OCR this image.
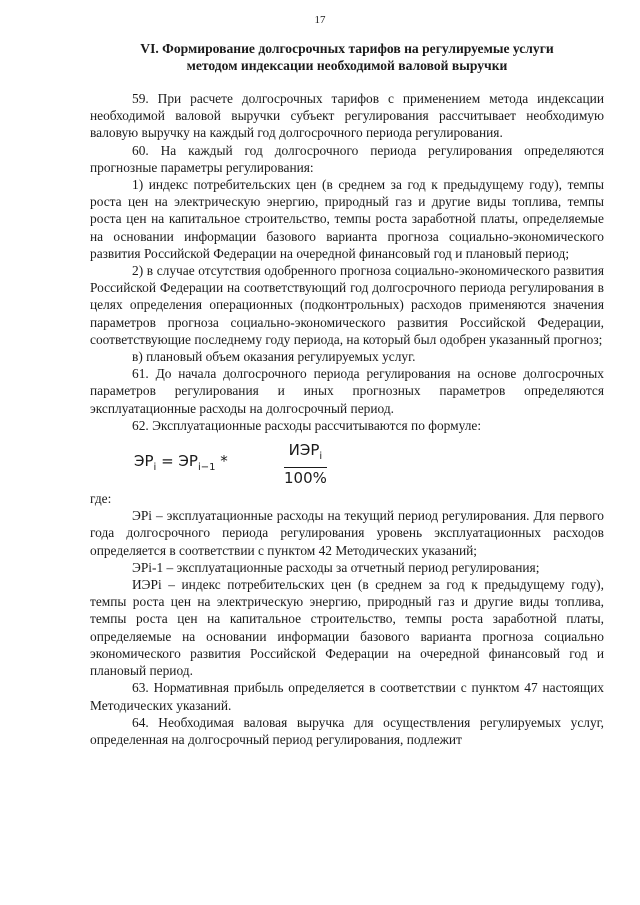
17
VI. Формирование долгосрочных тарифов на регулируемые услуги
методом индексации необходимой валовой выручки

59. При расчете долгосрочных тарифов с применением метода индексации необходимой валовой выручки субъект регулирования рассчитывает необходимую валовую выручку на каждый год долгосрочного периода регулирования.

60. На каждый год долгосрочного периода регулирования определяются прогнозные параметры регулирования:

1) индекс потребительских цен (в среднем за год к предыдущему году), темпы роста цен на электрическую энергию, природный газ и другие виды топлива, темпы роста цен на капитальное строительство, темпы роста заработной платы, определяемые на основании информации базового варианта прогноза социально-экономического развития Российской Федерации на очередной финансовый год и плановый период;

2) в случае отсутствия одобренного прогноза социально-экономического развития Российской Федерации на соответствующий год долгосрочного периода регулирования в целях определения операционных (подконтрольных) расходов применяются значения параметров прогноза социально-экономического развития Российской Федерации, соответствующие последнему году периода, на который был одобрен указанный прогноз;

в) плановый объем оказания регулируемых услуг.

61. До начала долгосрочного периода регулирования на основе долгосрочных параметров регулирования и иных прогнозных параметров определяются эксплуатационные расходы на долгосрочный период.

62. Эксплуатационные расходы рассчитываются по формуле:

$ЭР_i = ЭР_{i-1}$ *
$ИЭР_i$
100%

где:

ЭРi – эксплуатационные расходы на текущий период регулирования. Для первого года долгосрочного периода регулирования уровень эксплуатационных расходов определяется в соответствии с пунктом 42 Методических указаний;

ЭРi-1 – эксплуатационные расходы за отчетный период регулирования;

ИЭРi – индекс потребительских цен (в среднем за год к предыдущему году), темпы роста цен на электрическую энергию, природный газ и другие виды топлива, темпы роста цен на капитальное строительство, темпы роста заработной платы, определяемые на основании информации базового варианта прогноза социально экономического развития Российской Федерации на очередной финансовый год и плановый период.

63. Нормативная прибыль определяется в соответствии с пунктом 47 настоящих Методических указаний.

64. Необходимая валовая выручка для осуществления регулируемых услуг, определенная на долгосрочный период регулирования, подлежит
